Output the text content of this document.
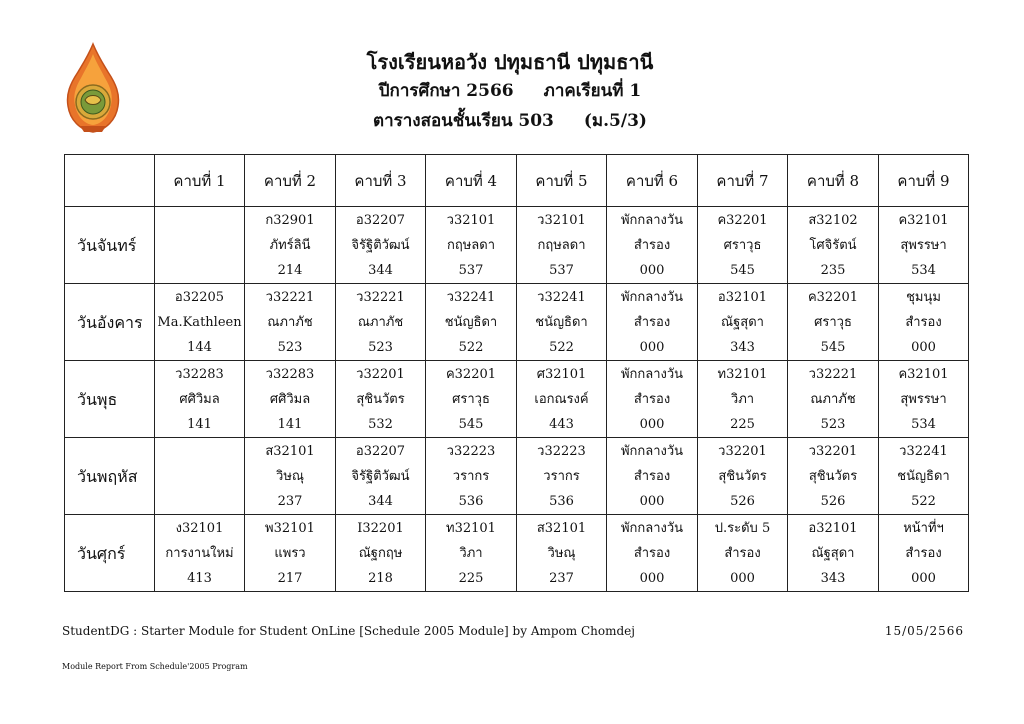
โรงเรียนหอวัง ปทุมธานี ปทุมธานี
ปีการศึกษา 2566 ภาคเรียนที่ 1
ตารางสอนชั้นเรียน 503 (ม.5/3)
	คาบที่ 1	คาบที่ 2	คาบที่ 3	คาบที่ 4	คาบที่ 5	คาบที่ 6	คาบที่ 7	คาบที่ 8	คาบที่ 9
วันจันทร์		ก32901
ภัทร์ลินี
214	อ32207
จิรัฐิติวัฒน์
344	ว32101
กฤษลดา
537	ว32101
กฤษลดา
537	พักกลางวัน
สำรอง
000	ค32201
ศราวุธ
545	ส32102
โศจิรัตน์
235	ค32101
สุพรรษา
534

วันอังคาร	อ32205
Ma.Kathleen
144	ว32221
ณภาภัช
523	ว32221
ณภาภัช
523	ว32241
ชนัญธิดา
522	ว32241
ชนัญธิดา
522	พักกลางวัน
สำรอง
000	อ32101
ณัฐสุดา
343	ค32201
ศราวุธ
545	ชุมนุม
สำรอง
000

วันพุธ	ว32283
ศศิวิมล
141	ว32283
ศศิวิมล
141	ว32201
สุชินวัตร
532	ค32201
ศราวุธ
545	ศ32101
เอกณรงค์
443	พักกลางวัน
สำรอง
000	ท32101
วิภา
225	ว32221
ณภาภัช
523	ค32101
สุพรรษา
534

วันพฤหัส		ส32101
วิษณุ
237	อ32207
จิรัฐิติวัฒน์
344	ว32223
วรากร
536	ว32223
วรากร
536	พักกลางวัน
สำรอง
000	ว32201
สุชินวัตร
526	ว32201
สุชินวัตร
526	ว32241
ชนัญธิดา
522

วันศุกร์	ง32101
การงานใหม่
413	พ32101
แพรว
217	I32201
ณัฐกฤษ
218	ท32101
วิภา
225	ส32101
วิษณุ
237	พักกลางวัน
สำรอง
000	ป.ระดับ 5
สำรอง
000	อ32101
ณัฐสุดา
343	หน้าที่ฯ
สำรอง
000
StudentDG : Starter Module for Student OnLine [Schedule 2005 Module] by Ampom Chomdej	15/05/2566
Module Report From Schedule'2005 Program
